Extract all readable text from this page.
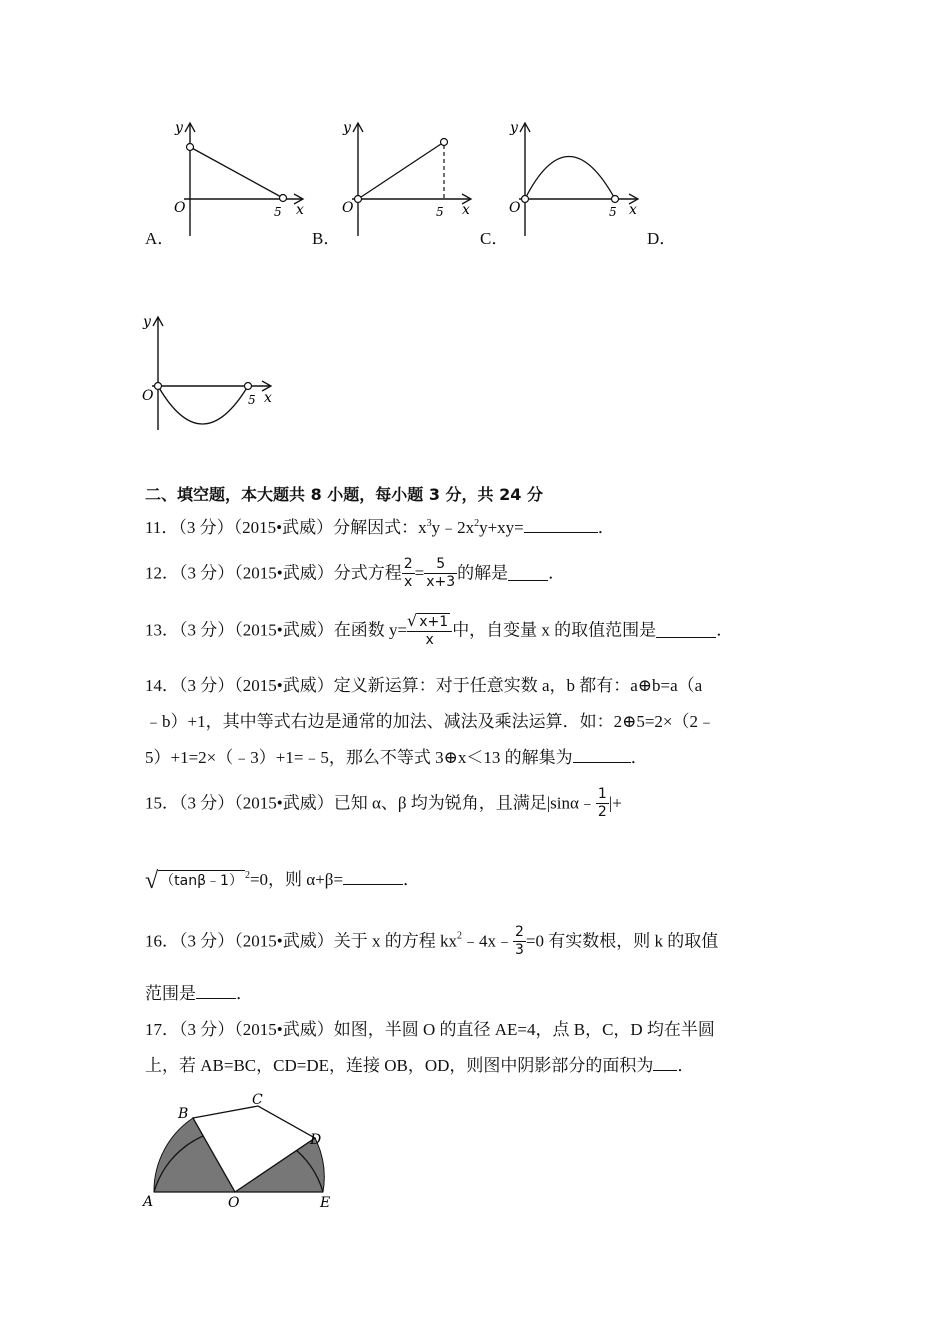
y
O	5 x
A．
y
O	5 x
B．
y
O	5 x
C．	D．
y
O	5 x
二、填空题，本大题共 8 小题，每小题 3 分，共 24 分
11．（3 分）（2015•武威）分解因式：$x^3y﹣2x^2y+xy=$	．
12．（3 分）（2015•武威）分式方程 $\frac{2}{x} = \frac{5}{x+3}$ 的解是 ．
13．（3 分）（2015•武威）在函数 $y= \frac{√ x+1}{x}$ 中，自变量 x 的取值范围是	．
14．（3 分）（2015•武威）定义新运算：对于任意实数 a，b 都有：a⊕b=a（a
﹣b）+1，其中等式右边是通常的加法、减法及乘法运算．如：2⊕5=2×（2﹣
5）+1=2×（﹣3）+1=﹣5，那么不等式 3⊕x＜13 的解集为	．
15．（3 分）（2015•武威）已知 α、β 均为锐角，且满足|sinα﹣ $\frac{1}{2}$ |+
√ （tanβ﹣1） $^2$=0，则 α+β=	．
16．（3 分）（2015•武威）关于 x 的方程 $kx^2﹣4x﹣ \frac{2}{3} =0$ 有实数根，则 k 的取值
范围是 ．
17．（3 分）（2015•武威）如图，半圆 O 的直径 AE=4，点 B，C，D 均在半圆
上，若 AB=BC，CD=DE，连接 OB，OD，则图中阴影部分的面积为 ．
A
B
C
D
E
O
